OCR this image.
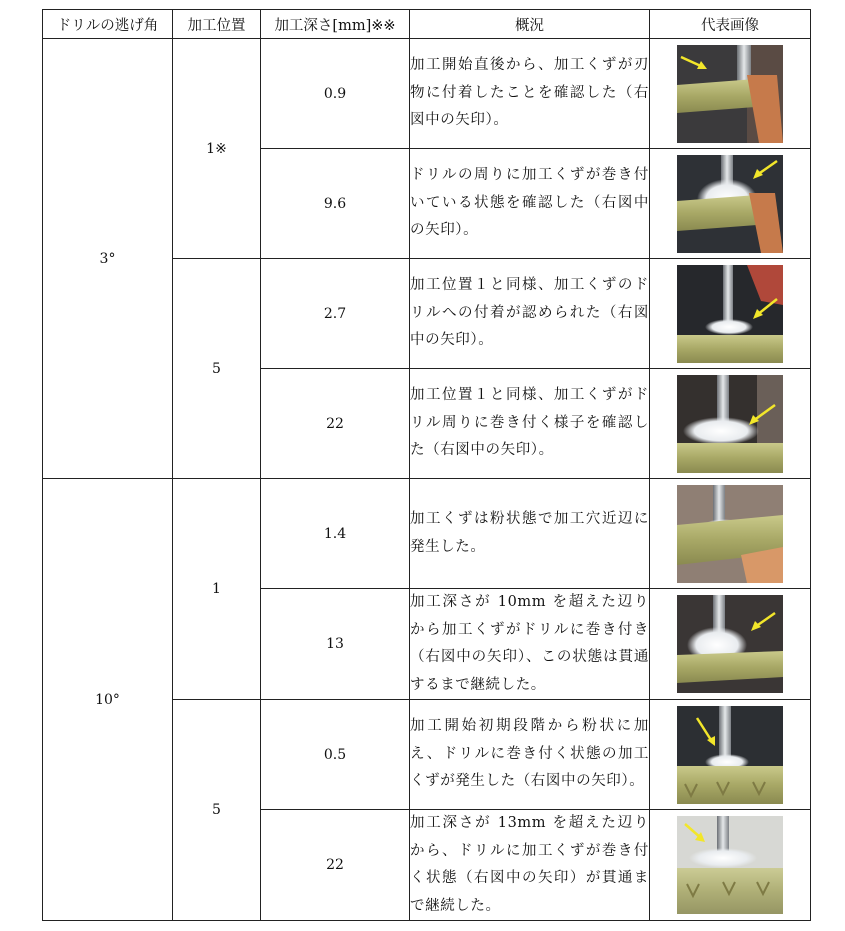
ドリルの逃げ角	加工位置	加工深さ[mm]※※	概況	代表画像
3°	1※	0.9	加工開始直後から、加工くずが刃物に付着したことを確認した（右図中の矢印）。	

		9.6	ドリルの周りに加工くずが巻き付いている状態を確認した（右図中の矢印）。	

	5	2.7	加工位置１と同様、加工くずのドリルへの付着が認められた（右図中の矢印）。	

		22	加工位置１と同様、加工くずがドリル周りに巻き付く様子を確認した（右図中の矢印）。	

10°	1	1.4	加工くずは粉状態で加工穴近辺に発生した。	

		13	加工深さが 10mm を超えた辺りから加工くずがドリルに巻き付き（右図中の矢印）、この状態は貫通するまで継続した。	

	5	0.5	加工開始初期段階から粉状に加え、ドリルに巻き付く状態の加工くずが発生した（右図中の矢印）。	

		22	加工深さが 13mm を超えた辺りから、ドリルに加工くずが巻き付く状態（右図中の矢印）が貫通まで継続した。	
